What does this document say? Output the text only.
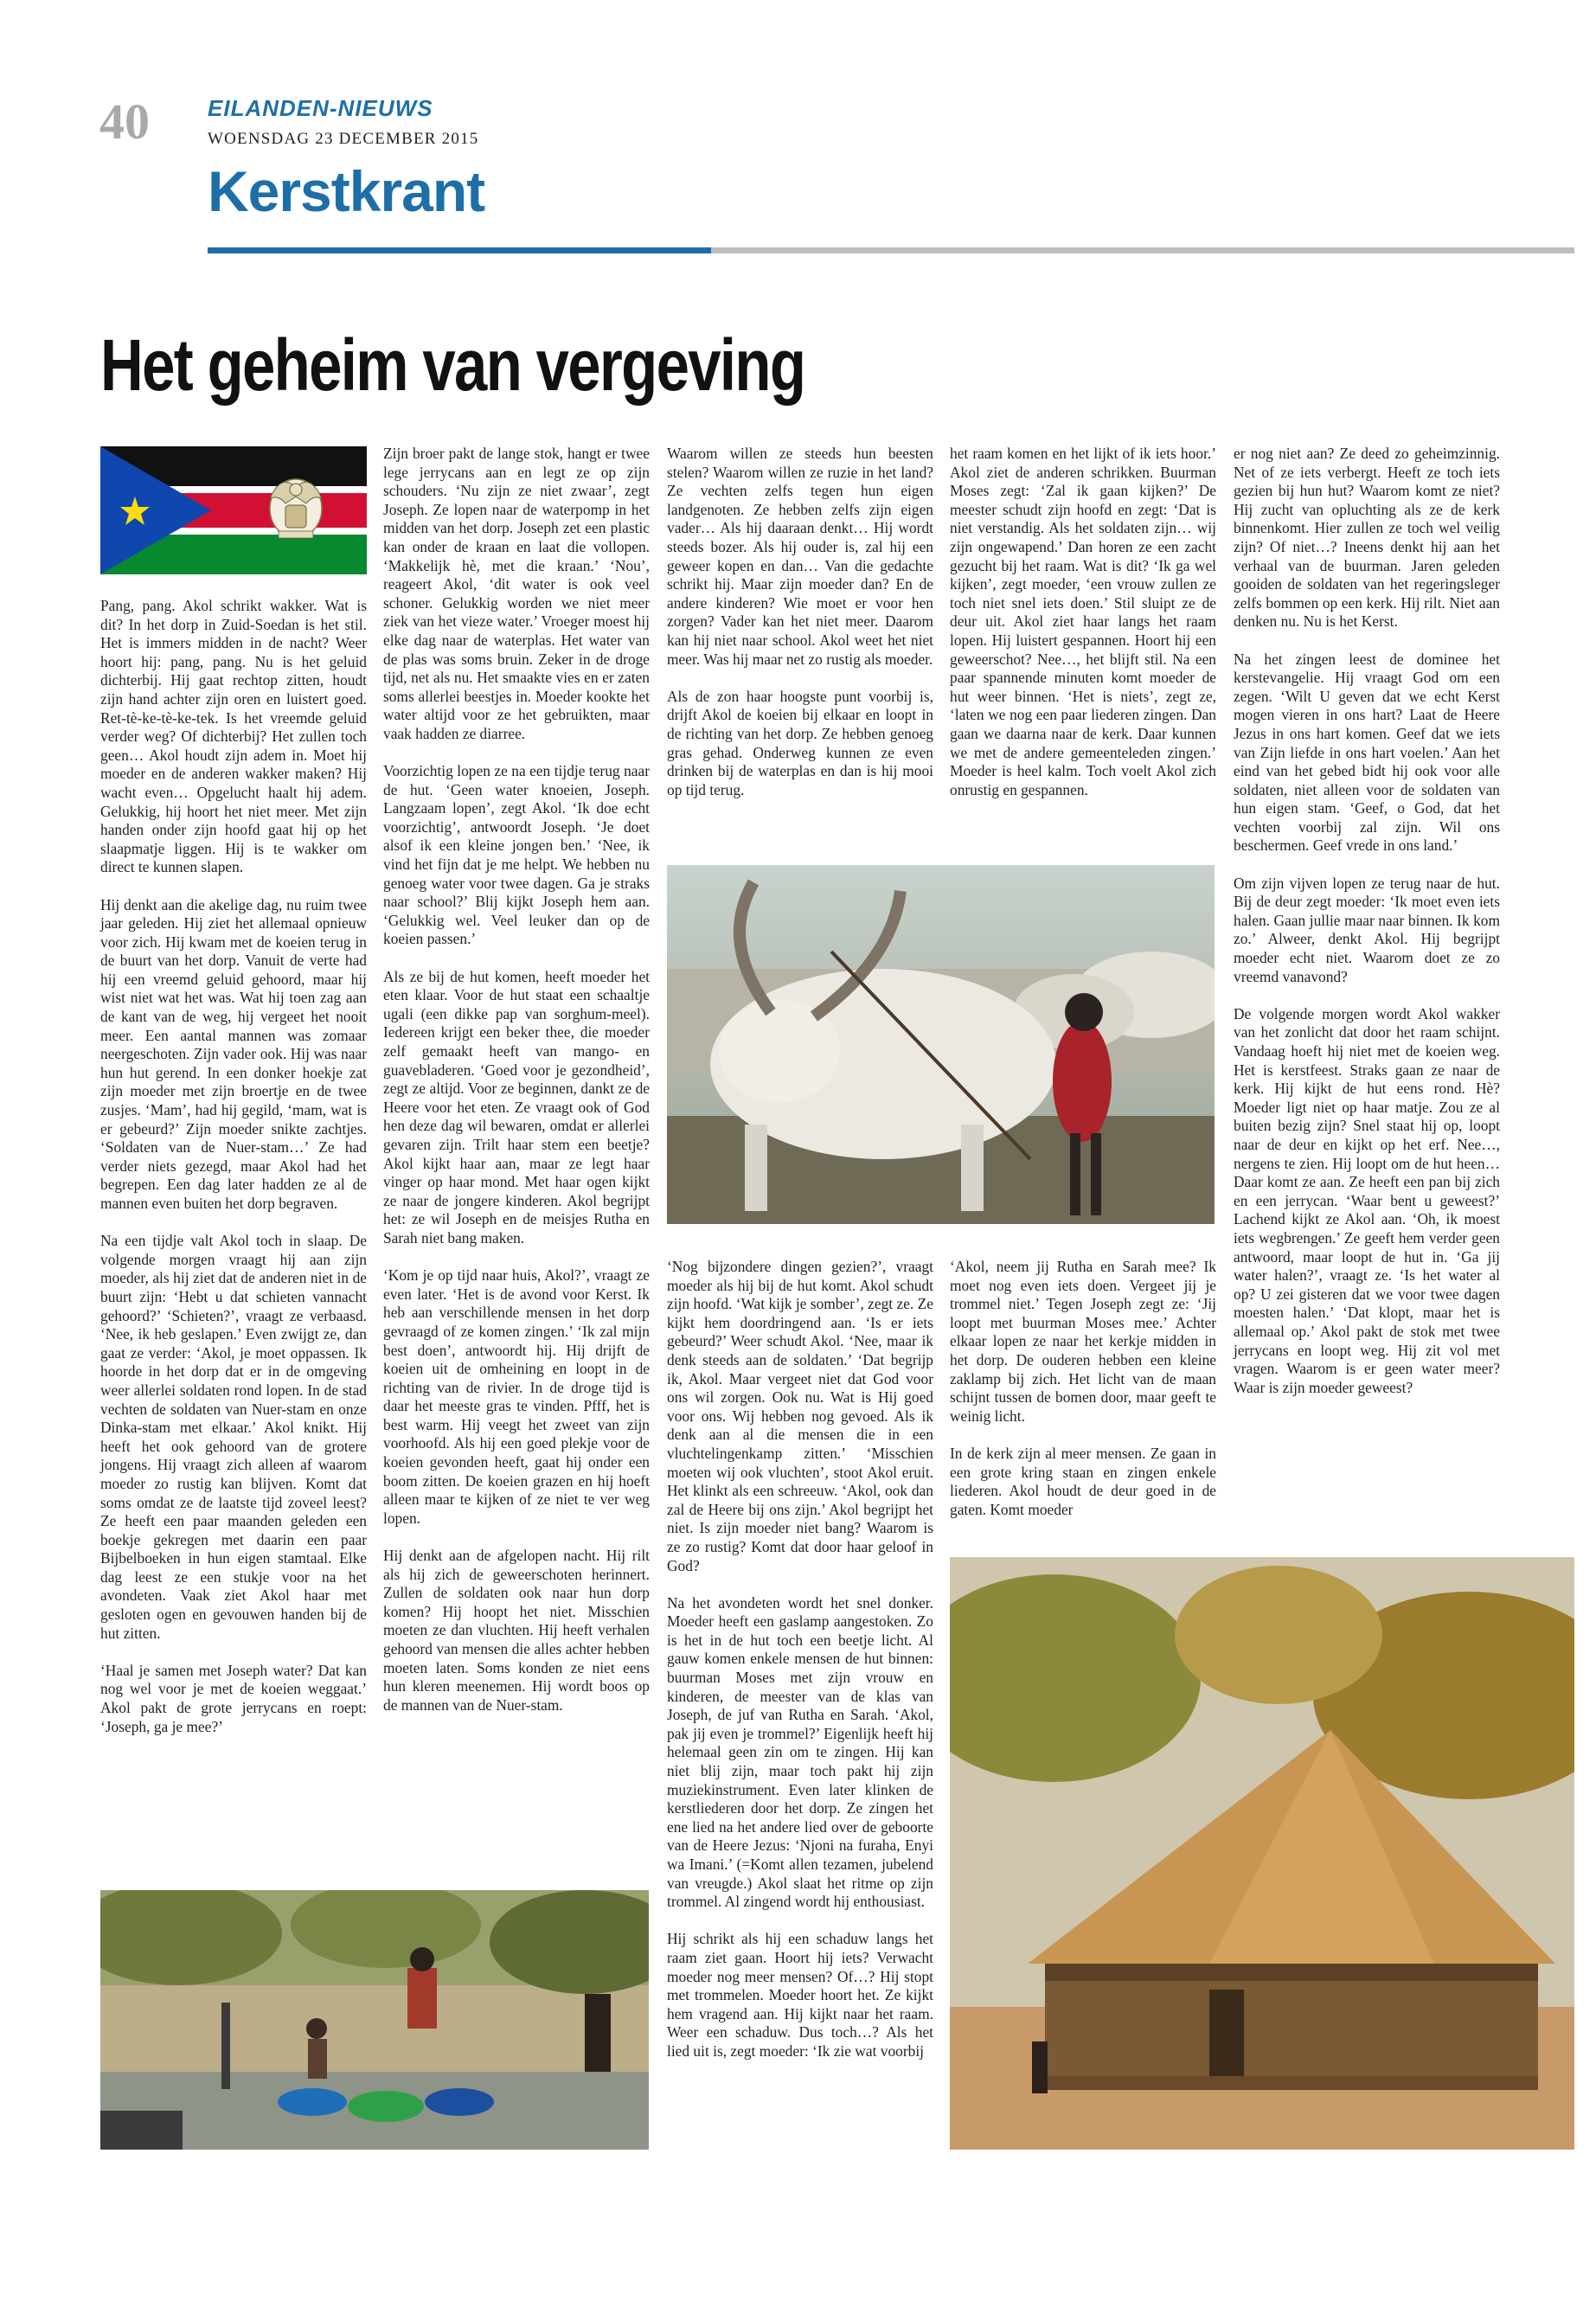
40	EILANDEN-NIEUWS
WOENSDAG 23 DECEMBER 2015
Kerstkrant
Het geheim van vergeving

Pang, pang. Akol schrikt wakker. Wat is dit? In het dorp in Zuid-Soedan is het stil. Het is immers midden in de nacht? Weer hoort hij: pang, pang. Nu is het geluid dichterbij. Hij gaat rechtop zitten, houdt zijn hand achter zijn oren en luistert goed. Ret-tè-ke-tè-ke-tek. Is het vreemde geluid verder weg? Of dichterbij? Het zullen toch geen… Akol houdt zijn adem in. Moet hij moeder en de anderen wakker maken? Hij wacht even… Opgelucht haalt hij adem. Gelukkig, hij hoort het niet meer. Met zijn handen onder zijn hoofd gaat hij op het slaapmatje liggen. Hij is te wakker om direct te kunnen slapen.

Hij denkt aan die akelige dag, nu ruim twee jaar geleden. Hij ziet het allemaal opnieuw voor zich. Hij kwam met de koeien terug in de buurt van het dorp. Vanuit de verte had hij een vreemd geluid gehoord, maar hij wist niet wat het was. Wat hij toen zag aan de kant van de weg, hij vergeet het nooit meer. Een aantal mannen was zomaar neergeschoten. Zijn vader ook. Hij was naar hun hut gerend. In een donker hoekje zat zijn moeder met zijn broertje en de twee zusjes. ‘Mam’, had hij gegild, ‘mam, wat is er gebeurd?’ Zijn moeder snikte zachtjes. ‘Soldaten van de Nuer-stam…’ Ze had verder niets gezegd, maar Akol had het begrepen. Een dag later hadden ze al de mannen even buiten het dorp begraven.

Na een tijdje valt Akol toch in slaap. De volgende morgen vraagt hij aan zijn moeder, als hij ziet dat de anderen niet in de buurt zijn: ‘Hebt u dat schieten vannacht gehoord?’ ‘Schieten?’, vraagt ze verbaasd. ‘Nee, ik heb geslapen.’ Even zwijgt ze, dan gaat ze verder: ‘Akol, je moet oppassen. Ik hoorde in het dorp dat er in de omgeving weer allerlei soldaten rond lopen. In de stad vechten de soldaten van Nuer-stam en onze Dinka-stam met elkaar.’ Akol knikt. Hij heeft het ook gehoord van de grotere jongens. Hij vraagt zich alleen af waarom moeder zo rustig kan blijven. Komt dat soms omdat ze de laatste tijd zoveel leest? Ze heeft een paar maanden geleden een boekje gekregen met daarin een paar Bijbelboeken in hun eigen stamtaal. Elke dag leest ze een stukje voor na het avondeten. Vaak ziet Akol haar met gesloten ogen en gevouwen handen bij de hut zitten.

‘Haal je samen met Joseph water? Dat kan nog wel voor je met de koeien weggaat.’ Akol pakt de grote jerrycans en roept: ‘Joseph, ga je mee?’

Zijn broer pakt de lange stok, hangt er twee lege jerrycans aan en legt ze op zijn schouders. ‘Nu zijn ze niet zwaar’, zegt Joseph. Ze lopen naar de waterpomp in het midden van het dorp. Joseph zet een plastic kan onder de kraan en laat die vollopen. ‘Makkelijk hè, met die kraan.’ ‘Nou’, reageert Akol, ‘dit water is ook veel schoner. Gelukkig worden we niet meer ziek van het vieze water.’ Vroeger moest hij elke dag naar de waterplas. Het water van de plas was soms bruin. Zeker in de droge tijd, net als nu. Het smaakte vies en er zaten soms allerlei beestjes in. Moeder kookte het water altijd voor ze het gebruikten, maar vaak hadden ze diarree.

Voorzichtig lopen ze na een tijdje terug naar de hut. ‘Geen water knoeien, Joseph. Langzaam lopen’, zegt Akol. ‘Ik doe echt voorzichtig’, antwoordt Joseph. ‘Je doet alsof ik een kleine jongen ben.’ ‘Nee, ik vind het fijn dat je me helpt. We hebben nu genoeg water voor twee dagen. Ga je straks naar school?’ Blij kijkt Joseph hem aan. ‘Gelukkig wel. Veel leuker dan op de koeien passen.’

Als ze bij de hut komen, heeft moeder het eten klaar. Voor de hut staat een schaaltje ugali (een dikke pap van sorghum-meel). Iedereen krijgt een beker thee, die moeder zelf gemaakt heeft van mango- en guavebladeren. ‘Goed voor je gezondheid’, zegt ze altijd. Voor ze beginnen, dankt ze de Heere voor het eten. Ze vraagt ook of God hen deze dag wil bewaren, omdat er allerlei gevaren zijn. Trilt haar stem een beetje? Akol kijkt haar aan, maar ze legt haar vinger op haar mond. Met haar ogen kijkt ze naar de jongere kinderen. Akol begrijpt het: ze wil Joseph en de meisjes Rutha en Sarah niet bang maken.

‘Kom je op tijd naar huis, Akol?’, vraagt ze even later. ‘Het is de avond voor Kerst. Ik heb aan verschillende mensen in het dorp gevraagd of ze komen zingen.’ ‘Ik zal mijn best doen’, antwoordt hij. Hij drijft de koeien uit de omheining en loopt in de richting van de rivier. In de droge tijd is daar het meeste gras te vinden. Pfff, het is best warm. Hij veegt het zweet van zijn voorhoofd. Als hij een goed plekje voor de koeien gevonden heeft, gaat hij onder een boom zitten. De koeien grazen en hij hoeft alleen maar te kijken of ze niet te ver weg lopen.

Hij denkt aan de afgelopen nacht. Hij rilt als hij zich de geweerschoten herinnert. Zullen de soldaten ook naar hun dorp komen? Hij hoopt het niet. Misschien moeten ze dan vluchten. Hij heeft verhalen gehoord van mensen die alles achter hebben moeten laten. Soms konden ze niet eens hun kleren meenemen. Hij wordt boos op de mannen van de Nuer-stam.

Waarom willen ze steeds hun beesten stelen? Waarom willen ze ruzie in het land? Ze vechten zelfs tegen hun eigen landgenoten. Ze hebben zelfs zijn eigen vader… Als hij daaraan denkt… Hij wordt steeds bozer. Als hij ouder is, zal hij een geweer kopen en dan… Van die gedachte schrikt hij. Maar zijn moeder dan? En de andere kinderen? Wie moet er voor hen zorgen? Vader kan het niet meer. Daarom kan hij niet naar school. Akol weet het niet meer. Was hij maar net zo rustig als moeder.

Als de zon haar hoogste punt voorbij is, drijft Akol de koeien bij elkaar en loopt in de richting van het dorp. Ze hebben genoeg gras gehad. Onderweg kunnen ze even drinken bij de waterplas en dan is hij mooi op tijd terug.

het raam komen en het lijkt of ik iets hoor.’ Akol ziet de anderen schrikken. Buurman Moses zegt: ‘Zal ik gaan kijken?’ De meester schudt zijn hoofd en zegt: ‘Dat is niet verstandig. Als het soldaten zijn… wij zijn ongewapend.’ Dan horen ze een zacht gezucht bij het raam. Wat is dit? ‘Ik ga wel kijken’, zegt moeder, ‘een vrouw zullen ze toch niet snel iets doen.’ Stil sluipt ze de deur uit. Akol ziet haar langs het raam lopen. Hij luistert gespannen. Hoort hij een geweerschot? Nee…, het blijft stil. Na een paar spannende minuten komt moeder de hut weer binnen. ‘Het is niets’, zegt ze, ‘laten we nog een paar liederen zingen. Dan gaan we daarna naar de kerk. Daar kunnen we met de andere gemeenteleden zingen.’ Moeder is heel kalm. Toch voelt Akol zich onrustig en gespannen.

‘Nog bijzondere dingen gezien?’, vraagt moeder als hij bij de hut komt. Akol schudt zijn hoofd. ‘Wat kijk je somber’, zegt ze. Ze kijkt hem doordringend aan. ‘Is er iets gebeurd?’ Weer schudt Akol. ‘Nee, maar ik denk steeds aan de soldaten.’ ‘Dat begrijp ik, Akol. Maar vergeet niet dat God voor ons wil zorgen. Ook nu. Wat is Hij goed voor ons. Wij hebben nog gevoed. Als ik denk aan al die mensen die in een vluchtelingenkamp zitten.’ ‘Misschien moeten wij ook vluchten’, stoot Akol eruit. Het klinkt als een schreeuw. ‘Akol, ook dan zal de Heere bij ons zijn.’ Akol begrijpt het niet. Is zijn moeder niet bang? Waarom is ze zo rustig? Komt dat door haar geloof in God?

Na het avondeten wordt het snel donker. Moeder heeft een gaslamp aangestoken. Zo is het in de hut toch een beetje licht. Al gauw komen enkele mensen de hut binnen: buurman Moses met zijn vrouw en kinderen, de meester van de klas van Joseph, de juf van Rutha en Sarah. ‘Akol, pak jij even je trommel?’ Eigenlijk heeft hij helemaal geen zin om te zingen. Hij kan niet blij zijn, maar toch pakt hij zijn muziekinstrument. Even later klinken de kerstliederen door het dorp. Ze zingen het ene lied na het andere lied over de geboorte van de Heere Jezus: ‘Njoni na furaha, Enyi wa Imani.’ (=Komt allen tezamen, jubelend van vreugde.) Akol slaat het ritme op zijn trommel. Al zingend wordt hij enthousiast.

Hij schrikt als hij een schaduw langs het raam ziet gaan. Hoort hij iets? Verwacht moeder nog meer mensen? Of…? Hij stopt met trommelen. Moeder hoort het. Ze kijkt hem vragend aan. Hij kijkt naar het raam. Weer een schaduw. Dus toch…? Als het lied uit is, zegt moeder: ‘Ik zie wat voorbij

‘Akol, neem jij Rutha en Sarah mee? Ik moet nog even iets doen. Vergeet jij je trommel niet.’ Tegen Joseph zegt ze: ‘Jij loopt met buurman Moses mee.’ Achter elkaar lopen ze naar het kerkje midden in het dorp. De ouderen hebben een kleine zaklamp bij zich. Het licht van de maan schijnt tussen de bomen door, maar geeft te weinig licht.

In de kerk zijn al meer mensen. Ze gaan in een grote kring staan en zingen enkele liederen. Akol houdt de deur goed in de gaten. Komt moeder

er nog niet aan? Ze deed zo geheimzinnig. Net of ze iets verbergt. Heeft ze toch iets gezien bij hun hut? Waarom komt ze niet? Hij zucht van opluchting als ze de kerk binnenkomt. Hier zullen ze toch wel veilig zijn? Of niet…? Ineens denkt hij aan het verhaal van de buurman. Jaren geleden gooiden de soldaten van het regeringsleger zelfs bommen op een kerk. Hij rilt. Niet aan denken nu. Nu is het Kerst.

Na het zingen leest de dominee het kerstevangelie. Hij vraagt God om een zegen. ‘Wilt U geven dat we echt Kerst mogen vieren in ons hart? Laat de Heere Jezus in ons hart komen. Geef dat we iets van Zijn liefde in ons hart voelen.’ Aan het eind van het gebed bidt hij ook voor alle soldaten, niet alleen voor de soldaten van hun eigen stam. ‘Geef, o God, dat het vechten voorbij zal zijn. Wil ons beschermen. Geef vrede in ons land.’

Om zijn vijven lopen ze terug naar de hut. Bij de deur zegt moeder: ‘Ik moet even iets halen. Gaan jullie maar naar binnen. Ik kom zo.’ Alweer, denkt Akol. Hij begrijpt moeder echt niet. Waarom doet ze zo vreemd vanavond?

De volgende morgen wordt Akol wakker van het zonlicht dat door het raam schijnt. Vandaag hoeft hij niet met de koeien weg. Het is kerstfeest. Straks gaan ze naar de kerk. Hij kijkt de hut eens rond. Hè? Moeder ligt niet op haar matje. Zou ze al buiten bezig zijn? Snel staat hij op, loopt naar de deur en kijkt op het erf. Nee…, nergens te zien. Hij loopt om de hut heen… Daar komt ze aan. Ze heeft een pan bij zich en een jerrycan. ‘Waar bent u geweest?’ Lachend kijkt ze Akol aan. ‘Oh, ik moest iets wegbrengen.’ Ze geeft hem verder geen antwoord, maar loopt de hut in. ‘Ga jij water halen?’, vraagt ze. ‘Is het water al op? U zei gisteren dat we voor twee dagen moesten halen.’ ‘Dat klopt, maar het is allemaal op.’ Akol pakt de stok met twee jerrycans en loopt weg. Hij zit vol met vragen. Waarom is er geen water meer? Waar is zijn moeder geweest?
